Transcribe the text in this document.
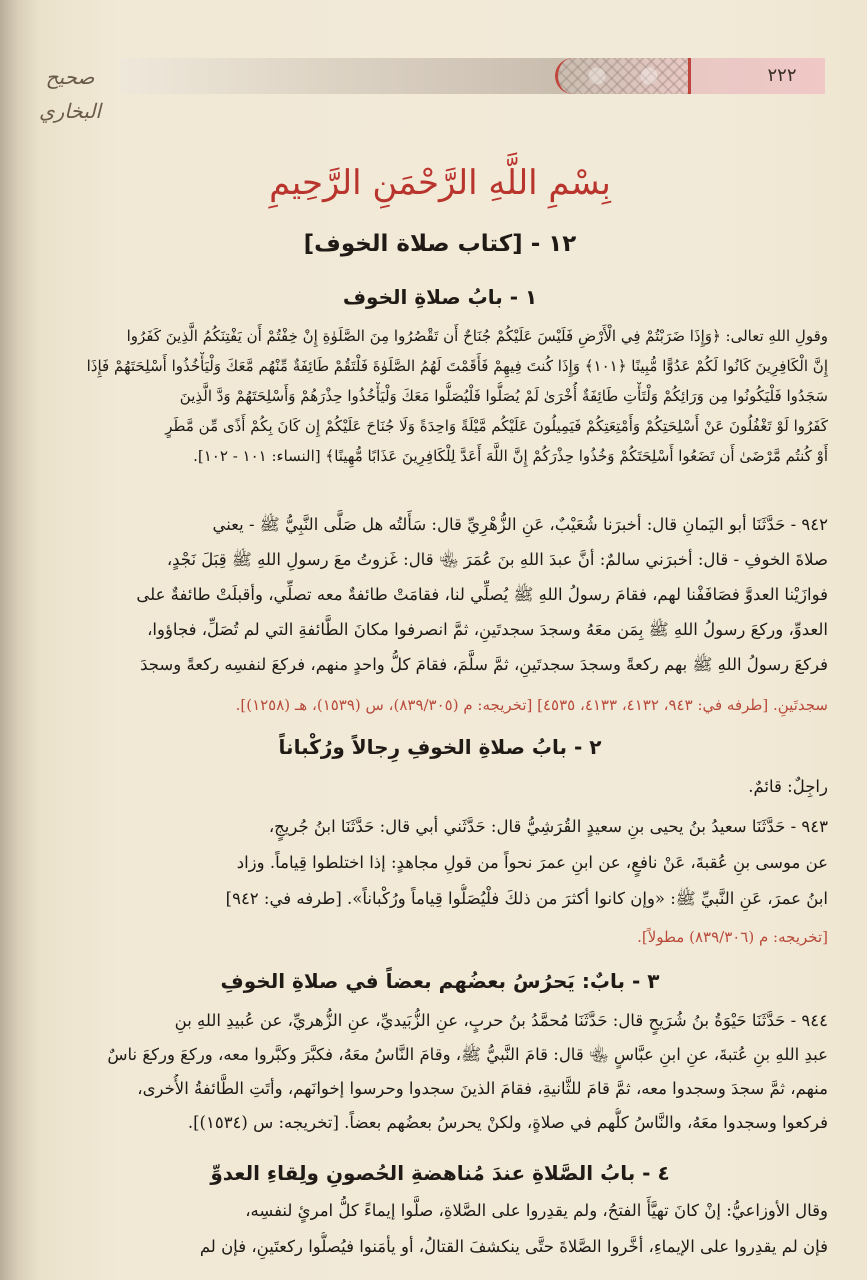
٢٢٢
صحيح البخاري
بِسْمِ اللَّهِ الرَّحْمَنِ الرَّحِيمِ
١٢ - [كتاب صلاة الخوف]
١ - بابُ صلاةِ الخوف
وقولِ اللهِ تعالى: ﴿وَإِذَا ضَرَبْتُمْ فِي الْأَرْضِ فَلَيْسَ عَلَيْكُمْ جُنَاحٌ أَن تَقْصُرُوا مِنَ الصَّلَوٰةِ إِنْ خِفْتُمْ أَن يَفْتِنَكُمُ الَّذِينَ كَفَرُوا
إِنَّ الْكَافِرِينَ كَانُوا لَكُمْ عَدُوًّا مُّبِينًا ﴿١٠١﴾ وَإِذَا كُنتَ فِيهِمْ فَأَقَمْتَ لَهُمُ الصَّلَوٰةَ فَلْتَقُمْ طَائِفَةٌ مِّنْهُم مَّعَكَ وَلْيَأْخُذُوا أَسْلِحَتَهُمْ فَإِذَا
سَجَدُوا فَلْيَكُونُوا مِن وَرَائِكُمْ وَلْتَأْتِ طَائِفَةٌ أُخْرَىٰ لَمْ يُصَلُّوا فَلْيُصَلُّوا مَعَكَ وَلْيَأْخُذُوا حِذْرَهُمْ وَأَسْلِحَتَهُمْ وَدَّ الَّذِينَ
كَفَرُوا لَوْ تَغْفُلُونَ عَنْ أَسْلِحَتِكُمْ وَأَمْتِعَتِكُمْ فَيَمِيلُونَ عَلَيْكُم مَّيْلَةً وَاحِدَةً وَلَا جُنَاحَ عَلَيْكُمْ إِن كَانَ بِكُمْ أَذًى مِّن مَّطَرٍ
أَوْ كُنتُم مَّرْضَىٰ أَن تَضَعُوا أَسْلِحَتَكُمْ وَخُذُوا حِذْرَكُمْ إِنَّ اللَّهَ أَعَدَّ لِلْكَافِرِينَ عَذَابًا مُّهِينًا﴾ [النساء: ١٠١ - ١٠٢].
٩٤٢ - حَدَّثَنَا أبو اليَمانِ قال: أخبرَنا شُعَيْبٌ، عَنِ الزُّهْرِيِّ قال: سَأَلتُه هل صَلَّى النَّبِيُّ ﷺ - يعني
صلاةَ الخوفِ - قال: أخبرَني سالمٌ: أنَّ عبدَ اللهِ بنَ عُمَرَ ﵄ قال: غَزوتُ معَ رسولِ اللهِ ﷺ قِبَلَ نَجْدٍ،
فوازَيْنا العدوَّ فصَافَفْنا لهم، فقامَ رسولُ اللهِ ﷺ يُصلِّي لنا، فقامَتْ طائفةٌ معه تصلِّي، وأقبلَتْ طائفةٌ على
العدوِّ، وركعَ رسولُ اللهِ ﷺ بِمَن معَهُ وسجدَ سجدتَينِ، ثمَّ انصرفوا مكانَ الطَّائفةِ التي لم تُصَلِّ، فجاؤوا،
فركعَ رسولُ اللهِ ﷺ بهم ركعةً وسجدَ سجدتَينِ، ثمَّ سلَّمَ، فقامَ كلُّ واحدٍ منهم، فركعَ لنفسِه ركعةً وسجدَ
سجدتَينِ. [طرفه في: ٩٤٣، ٤١٣٢، ٤١٣٣، ٤٥٣٥] [تخريجه: م (٨٣٩/٣٠٥)، س (١٥٣٩)، هـ (١٢٥٨)].
٢ - بابُ صلاةِ الخوفِ رِجالاً ورُكْباناً
راجِلٌ: قائمٌ.
٩٤٣ - حَدَّثَنَا سعيدُ بنُ يحيى بنِ سعيدٍ القُرَشِيُّ قال: حَدَّثَني أبي قال: حَدَّثَنَا ابنُ جُريجٍ،
عن موسى بنِ عُقبةَ، عَنْ نافعٍ، عن ابنِ عمرَ نحواً من قولِ مجاهدٍ: إذا اختلطوا قِياماً. وزاد
ابنُ عمرَ، عَنِ النَّبيِّ ﷺ: «وإن كانوا أكثرَ من ذلكَ فلْيُصَلُّوا قِياماً ورُكْباناً». [طرفه في: ٩٤٢]
[تخريجه: م (٨٣٩/٣٠٦) مطولاً].
٣ - بابٌ: يَحرُسُ بعضُهم بعضاً في صلاةِ الخوفِ
٩٤٤ - حَدَّثَنَا حَيْوَةُ بنُ شُرَيحٍ قال: حَدَّثَنَا مُحمَّدُ بنُ حربٍ، عنِ الزُّبَيديِّ، عنِ الزُّهريِّ، عن عُبيدِ اللهِ بنِ
عبدِ اللهِ بنِ عُتبةَ، عنِ ابنِ عبَّاسٍ ﵄ قال: قامَ النَّبيُّ ﷺ، وقامَ النَّاسُ معَهُ، فكبَّرَ وكبَّروا معه، وركعَ وركعَ ناسٌ
منهم، ثمَّ سجدَ وسجدوا معه، ثمَّ قامَ للثَّانيةِ، فقامَ الذينَ سجدوا وحرسوا إخوانَهم، وأتَتِ الطَّائفةُ الأُخرى،
فركعوا وسجدوا معَهُ، والنَّاسُ كلُّهم في صلاةٍ، ولكنْ يحرسُ بعضُهم بعضاً. [تخريجه: س (١٥٣٤)].
٤ - بابُ الصَّلاةِ عندَ مُناهضةِ الحُصونِ ولِقاءِ العدوِّ
وقال الأوزاعيُّ: إنْ كانَ تهيَّأَ الفتحُ، ولم يقدِروا على الصَّلاةِ، صلَّوا إيماءً كلُّ امرئٍ لنفسِه،
فإن لم يقدِروا على الإيماءِ، أخَّروا الصَّلاةَ حتَّى ينكشفَ القتالُ، أو يأمَنوا فيُصلُّوا ركعتَينِ، فإن لم
